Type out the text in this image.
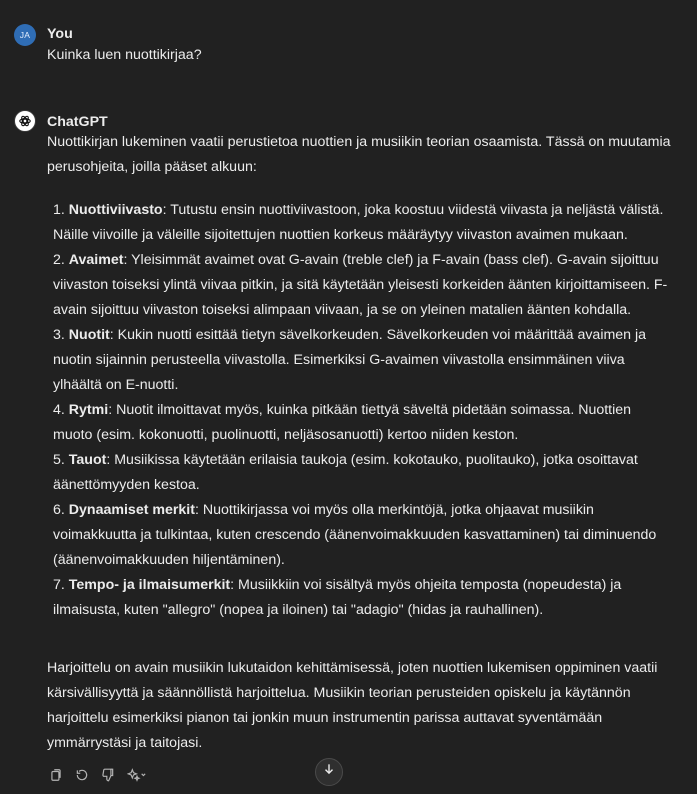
JA You

Kuinka luen nuottikirjaa?

ChatGPT

Nuottikirjan lukeminen vaatii perustietoa nuottien ja musiikin teorian osaamista. Tässä on muutamia perusohjeita, joilla pääset alkuun:

1. Nuottiviivasto: Tutustu ensin nuottiviivastoon, joka koostuu viidestä viivasta ja neljästä välistä. Näille viivoille ja väleille sijoitettujen nuottien korkeus määräytyy viivaston avaimen mukaan.
2. Avaimet: Yleisimmät avaimet ovat G-avain (treble clef) ja F-avain (bass clef). G-avain sijoittuu viivaston toiseksi ylintä viivaa pitkin, ja sitä käytetään yleisesti korkeiden äänten kirjoittamiseen. F-avain sijoittuu viivaston toiseksi alimpaan viivaan, ja se on yleinen matalien äänten kohdalla.
3. Nuotit: Kukin nuotti esittää tietyn sävelkorkeuden. Sävelkorkeuden voi määrittää avaimen ja nuotin sijainnin perusteella viivastolla. Esimerkiksi G-avaimen viivastolla ensimmäinen viiva ylhäältä on E-nuotti.
4. Rytmi: Nuotit ilmoittavat myös, kuinka pitkään tiettyä säveltä pidetään soimassa. Nuottien muoto (esim. kokonuotti, puolinuotti, neljäsosanuotti) kertoo niiden keston.
5. Tauot: Musiikissa käytetään erilaisia taukoja (esim. kokotauko, puolitauko), jotka osoittavat äänettömyyden kestoa.
6. Dynaamiset merkit: Nuottikirjassa voi myös olla merkintöjä, jotka ohjaavat musiikin voimakkuutta ja tulkintaa, kuten crescendo (äänenvoimakkuuden kasvattaminen) tai diminuendo (äänenvoimakkuuden hiljentäminen).
7. Tempo- ja ilmaisumerkit: Musiikkiin voi sisältyä myös ohjeita temposta (nopeudesta) ja ilmaisusta, kuten "allegro" (nopea ja iloinen) tai "adagio" (hidas ja rauhallinen).

Harjoittelu on avain musiikin lukutaidon kehittämisessä, joten nuottien lukemisen oppiminen vaatii kärsivällisyyttä ja säännöllistä harjoittelua. Musiikin teorian perusteiden opiskelu ja käytännön harjoittelu esimerkiksi pianon tai jonkin muun instrumentin parissa auttavat syventämään ymmärrystäsi ja taitojasi.
